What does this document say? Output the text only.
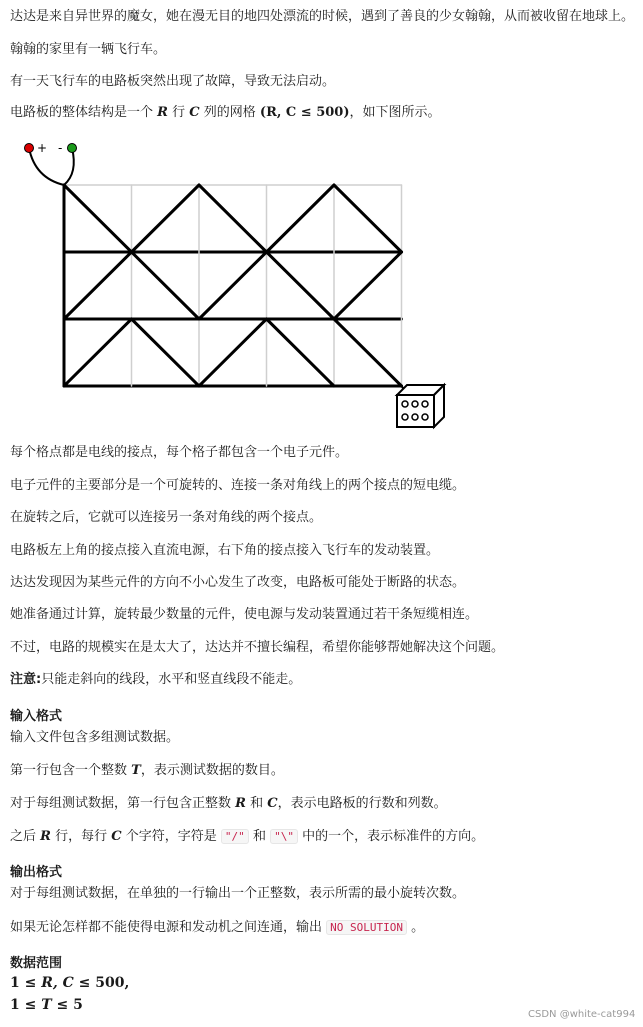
达达是来自异世界的魔女，她在漫无目的地四处漂流的时候，遇到了善良的少女翰翰，从而被收留在地球上。
翰翰的家里有一辆飞行车。
有一天飞行车的电路板突然出现了故障，导致无法启动。
电路板的整体结构是一个 R 行 C 列的网格 (R, C ≤ 500)，如下图所示。
+ -
每个格点都是电线的接点，每个格子都包含一个电子元件。
电子元件的主要部分是一个可旋转的、连接一条对角线上的两个接点的短电缆。
在旋转之后，它就可以连接另一条对角线的两个接点。
电路板左上角的接点接入直流电源，右下角的接点接入飞行车的发动装置。
达达发现因为某些元件的方向不小心发生了改变，电路板可能处于断路的状态。
她准备通过计算，旋转最少数量的元件，使电源与发动装置通过若干条短缆相连。
不过，电路的规模实在是太大了，达达并不擅长编程，希望你能够帮她解决这个问题。
注意:只能走斜向的线段，水平和竖直线段不能走。
输入格式
输入文件包含多组测试数据。
第一行包含一个整数 T，表示测试数据的数目。
对于每组测试数据，第一行包含正整数 R 和 C，表示电路板的行数和列数。
之后 R 行，每行 C 个字符，字符是 "/" 和 "\" 中的一个，表示标准件的方向。
输出格式
对于每组测试数据，在单独的一行输出一个正整数，表示所需的最小旋转次数。
如果无论怎样都不能使得电源和发动机之间连通，输出 NO SOLUTION 。
数据范围
1 ≤ R, C ≤ 500,
1 ≤ T ≤ 5
CSDN @white-cat994
